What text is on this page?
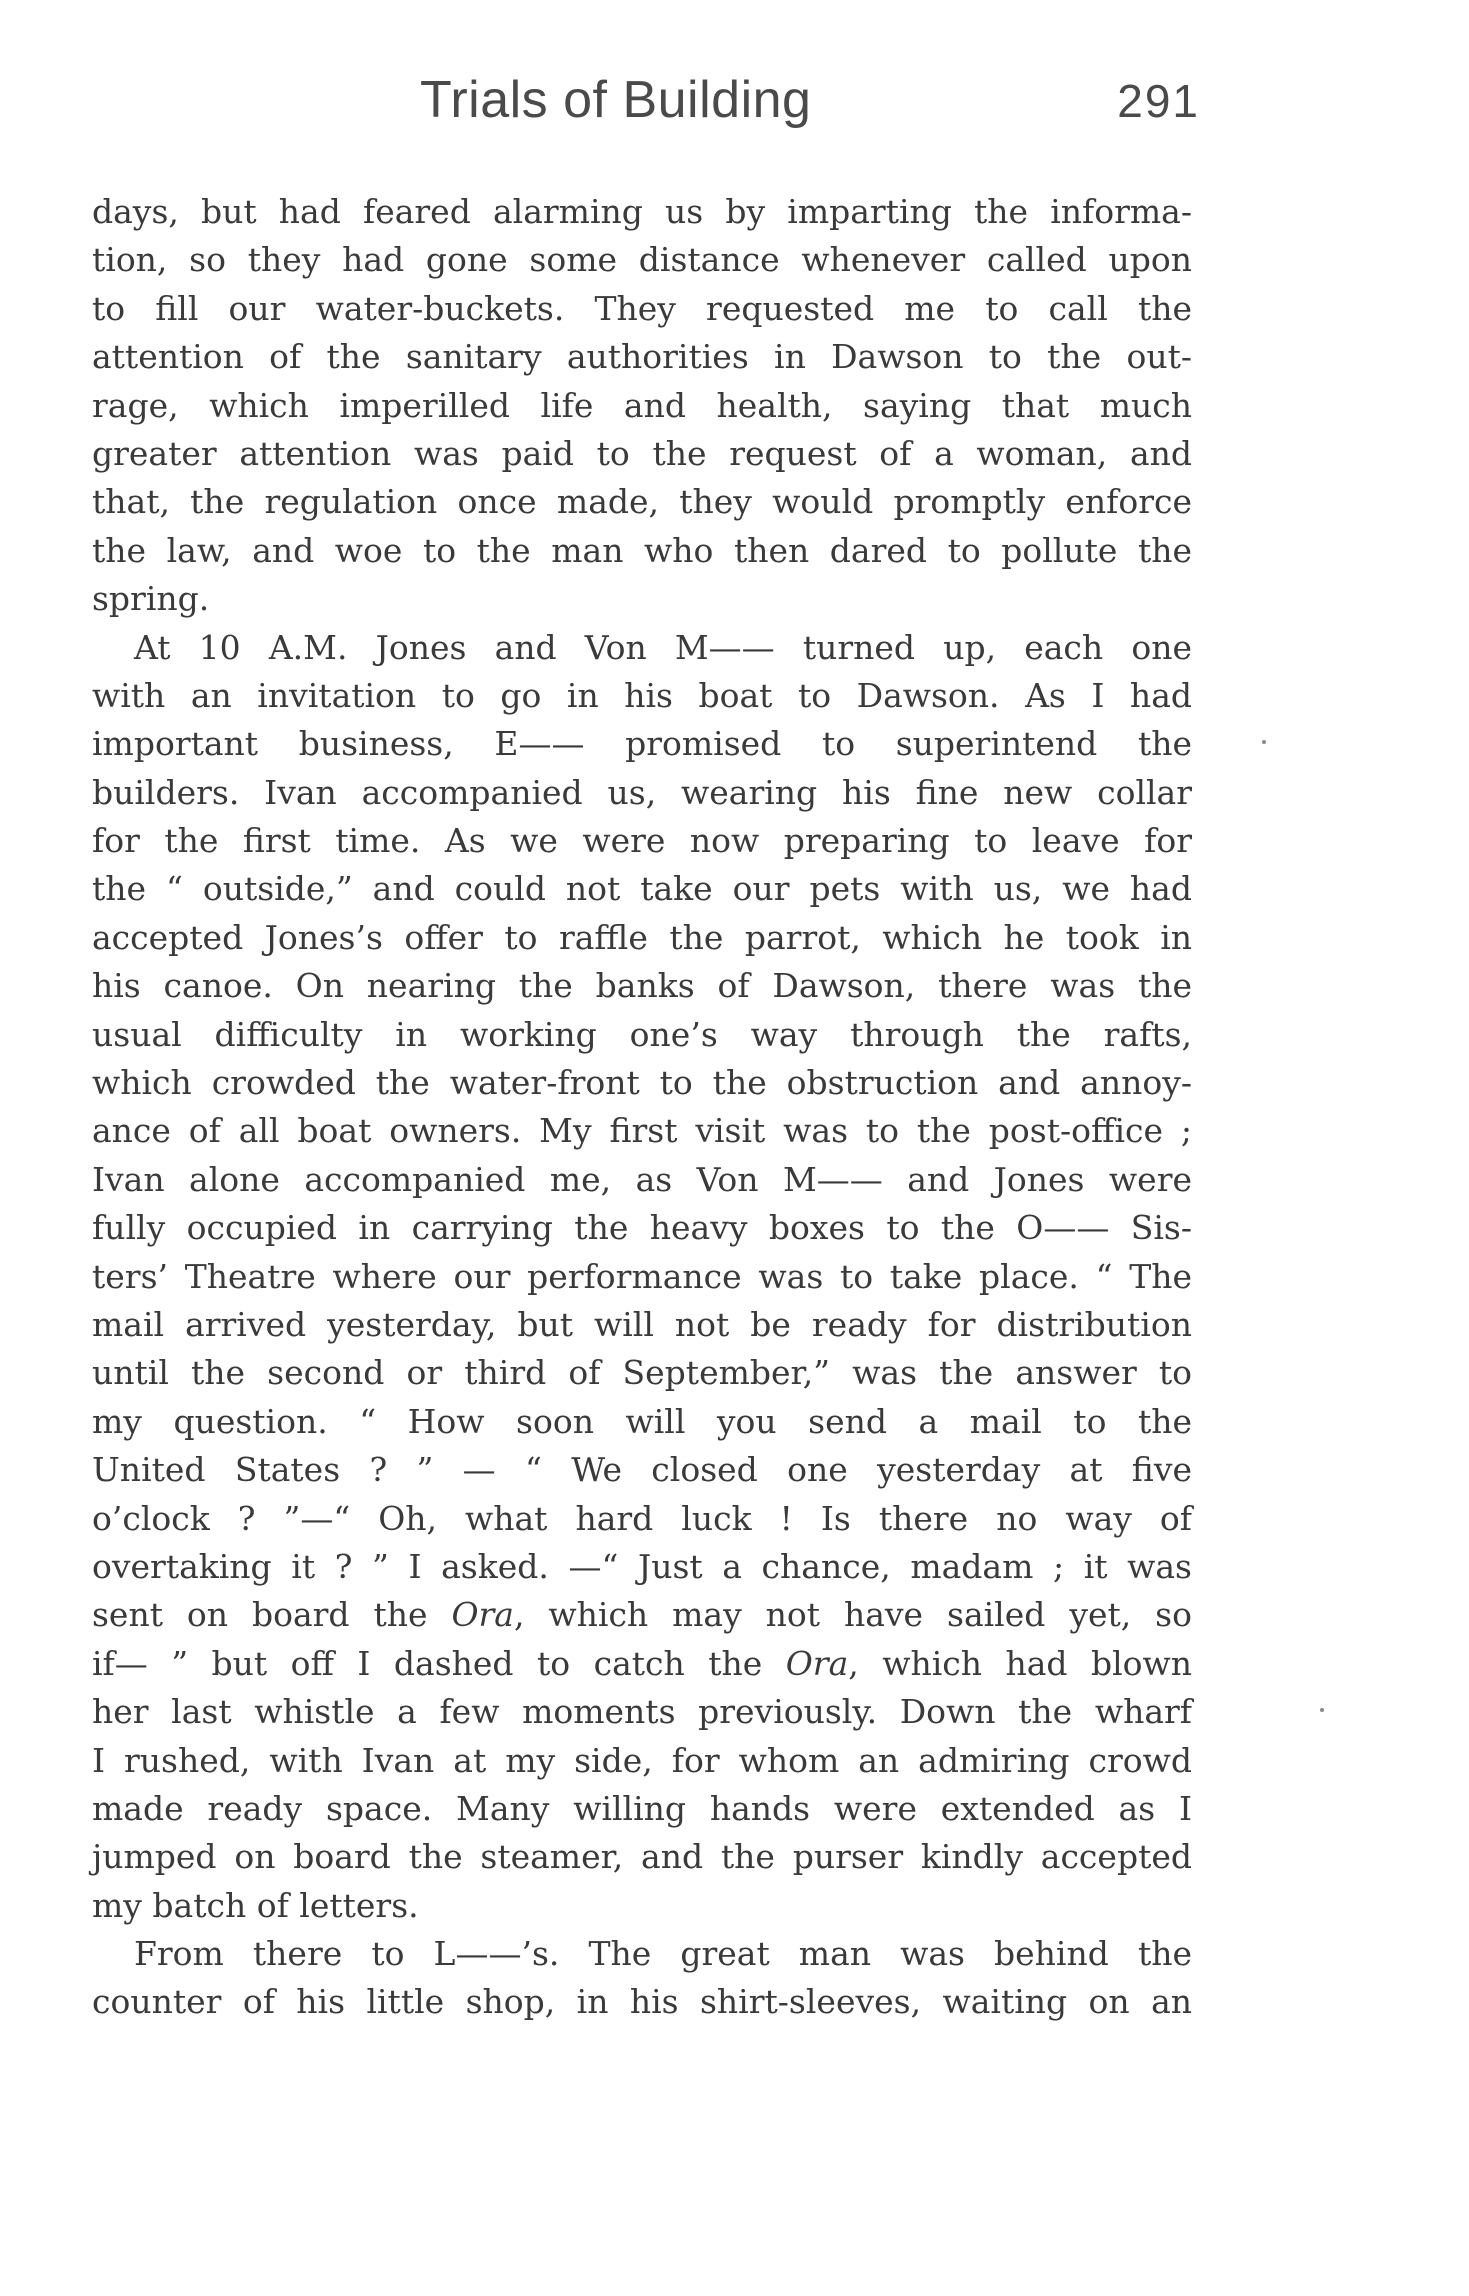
Trials of Building	291
days, but had feared alarming us by imparting the informa-
tion, so they had gone some distance whenever called upon
to fill our water-buckets. They requested me to call the
attention of the sanitary authorities in Dawson to the out-
rage, which imperilled life and health, saying that much
greater attention was paid to the request of a woman, and
that, the regulation once made, they would promptly enforce
the law, and woe to the man who then dared to pollute the
spring.
At 10 A.M. Jones and Von M—— turned up, each one
with an invitation to go in his boat to Dawson. As I had
important business, E—— promised to superintend the
builders. Ivan accompanied us, wearing his fine new collar
for the first time. As we were now preparing to leave for
the “ outside,” and could not take our pets with us, we had
accepted Jones’s offer to raffle the parrot, which he took in
his canoe. On nearing the banks of Dawson, there was the
usual difficulty in working one’s way through the rafts,
which crowded the water-front to the obstruction and annoy-
ance of all boat owners. My first visit was to the post-office ;
Ivan alone accompanied me, as Von M—— and Jones were
fully occupied in carrying the heavy boxes to the O—— Sis-
ters’ Theatre where our performance was to take place. “ The
mail arrived yesterday, but will not be ready for distribution
until the second or third of September,” was the answer to
my question. “ How soon will you send a mail to the
United States ? ” — “ We closed one yesterday at five
o’clock ? ”—“ Oh, what hard luck ! Is there no way of
overtaking it ? ” I asked. —“ Just a chance, madam ; it was
sent on board the Ora, which may not have sailed yet, so
if— ” but off I dashed to catch the Ora, which had blown
her last whistle a few moments previously. Down the wharf
I rushed, with Ivan at my side, for whom an admiring crowd
made ready space. Many willing hands were extended as I
jumped on board the steamer, and the purser kindly accepted
my batch of letters.
From there to L——’s. The great man was behind the
counter of his little shop, in his shirt-sleeves, waiting on an
